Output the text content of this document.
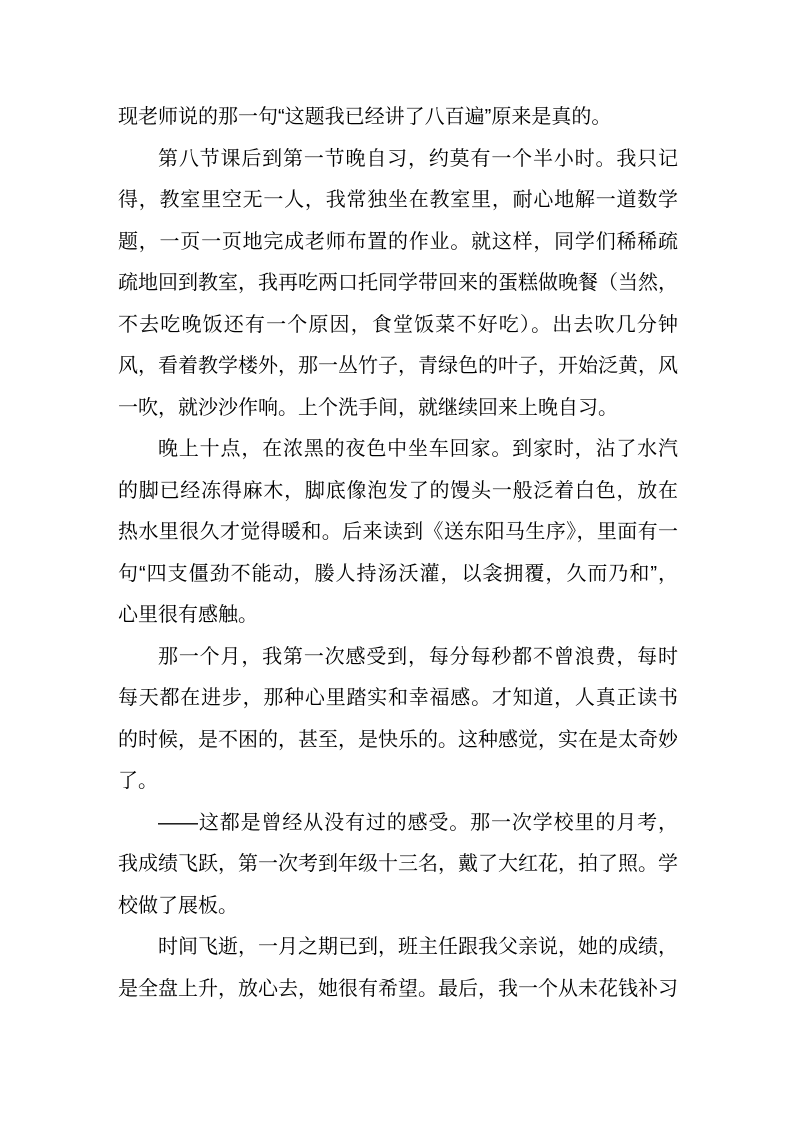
现老师说的那一句“这题我已经讲了八百遍”原来是真的。
第八节课后到第一节晚自习，约莫有一个半小时。我只记
得，教室里空无一人，我常独坐在教室里，耐心地解一道数学
题，一页一页地完成老师布置的作业。就这样，同学们稀稀疏
疏地回到教室，我再吃两口托同学带回来的蛋糕做晚餐（当然，
不去吃晚饭还有一个原因，食堂饭菜不好吃）。出去吹几分钟
风，看着教学楼外，那一丛竹子，青绿色的叶子，开始泛黄，风
一吹，就沙沙作响。上个洗手间，就继续回来上晚自习。
晚上十点，在浓黑的夜色中坐车回家。到家时，沾了水汽
的脚已经冻得麻木，脚底像泡发了的馒头一般泛着白色，放在
热水里很久才觉得暖和。后来读到《送东阳马生序》，里面有一
句“四支僵劲不能动，媵人持汤沃灌，以衾拥覆，久而乃和”，
心里很有感触。
那一个月，我第一次感受到，每分每秒都不曾浪费，每时
每天都在进步，那种心里踏实和幸福感。才知道，人真正读书
的时候，是不困的，甚至，是快乐的。这种感觉，实在是太奇妙
了。
——这都是曾经从没有过的感受。那一次学校里的月考，
我成绩飞跃，第一次考到年级十三名，戴了大红花，拍了照。学
校做了展板。
时间飞逝，一月之期已到，班主任跟我父亲说，她的成绩，
是全盘上升，放心去，她很有希望。最后，我一个从未花钱补习
